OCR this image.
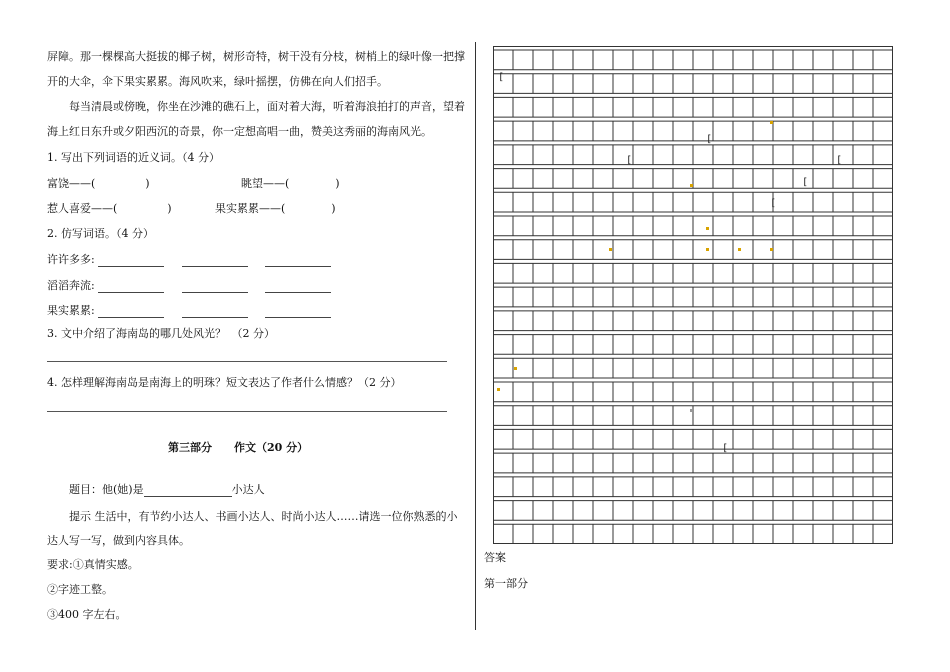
屏障。那一棵棵高大挺拔的椰子树，树形奇特，树干没有分枝，树梢上的绿叶像一把撑
开的大伞，伞下果实累累。海风吹来，绿叶摇摆，仿佛在向人们招手。
每当清晨或傍晚，你坐在沙滩的礁石上，面对着大海，听着海浪拍打的声音，望着
海上红日东升或夕阳西沉的奇景，你一定想高唱一曲，赞美这秀丽的海南风光。
1. 写出下列词语的近义词。（4 分）
富饶——(	)	眺望——(	)
惹人喜爱——(	)	果实累累——(	)
2. 仿写词语。（4 分）
许许多多:
滔滔奔流:
果实累累:
3. 文中介绍了海南岛的哪几处风光？　（2 分）
4. 怎样理解海南岛是南海上的明珠？短文表达了作者什么情感？（2 分）
第三部分　　作文（20 分）
题目：他(她)是	小达人
提示 生活中，有节约小达人、书画小达人、时尚小达人……请选一位你熟悉的小
达人写一写，做到内容具体。
要求:①真情实感。
②字迹工整。
③400 字左右。
[
[
[	[
[
[
[
答案
第一部分
